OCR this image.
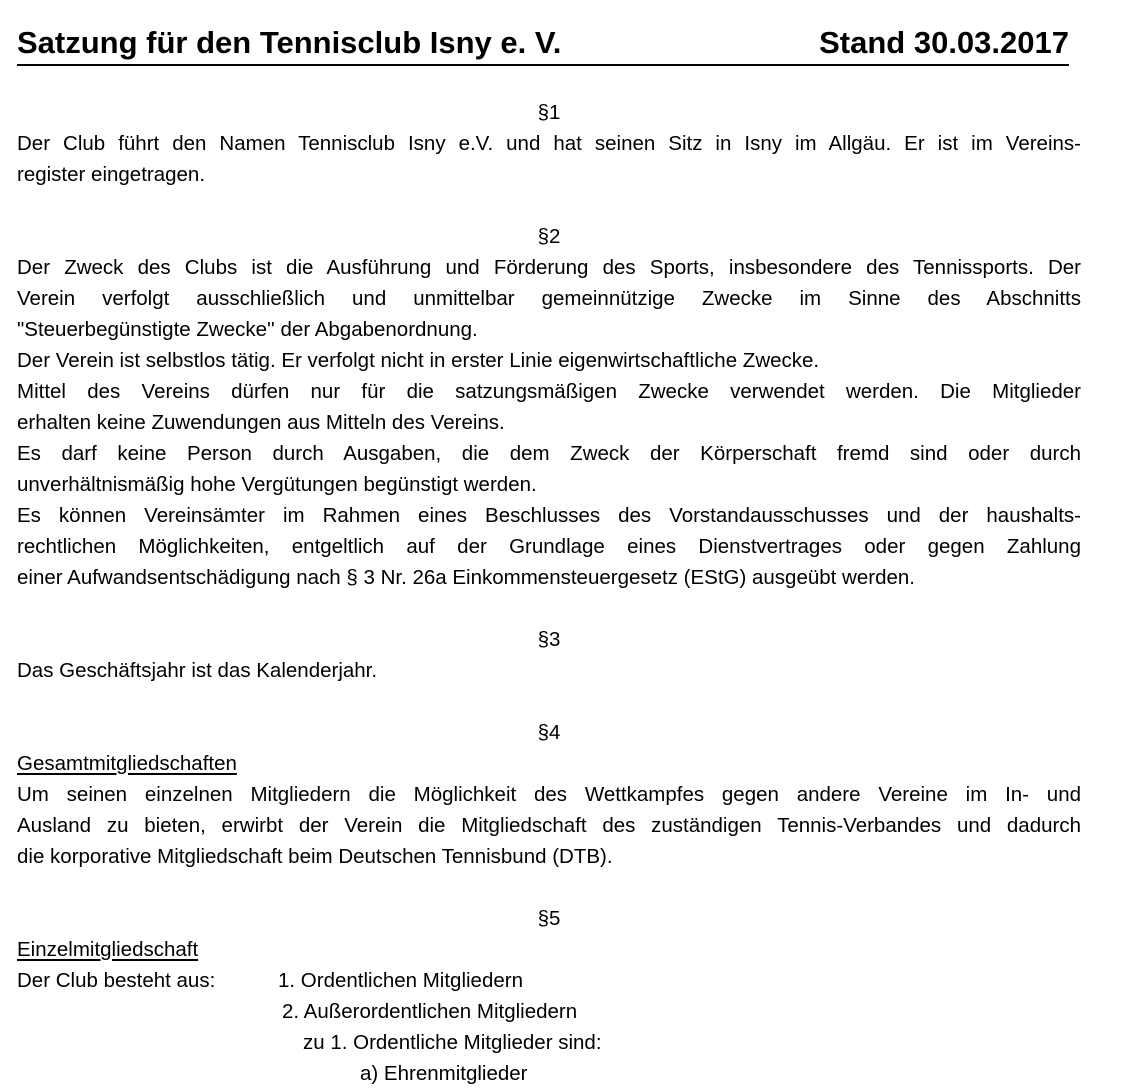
Satzung für den Tennisclub Isny e. V.	Stand 30.03.2017
§1
Der Club führt den Namen Tennisclub Isny e.V. und hat seinen Sitz in Isny im Allgäu. Er ist im Vereins-
register eingetragen.
§2
Der Zweck des Clubs ist die Ausführung und Förderung des Sports, insbesondere des Tennissports. Der
Verein verfolgt ausschließlich und unmittelbar gemeinnützige Zwecke im Sinne des Abschnitts
"Steuerbegünstigte Zwecke'' der Abgabenordnung.
Der Verein ist selbstlos tätig. Er verfolgt nicht in erster Linie eigenwirtschaftliche Zwecke.
Mittel des Vereins dürfen nur für die satzungsmäßigen Zwecke verwendet werden. Die Mitglieder
erhalten keine Zuwendungen aus Mitteln des Vereins.
Es darf keine Person durch Ausgaben, die dem Zweck der Körperschaft fremd sind oder durch
unverhältnismäßig hohe Vergütungen begünstigt werden.
Es können Vereinsämter im Rahmen eines Beschlusses des Vorstandausschusses und der haushalts-
rechtlichen Möglichkeiten, entgeltlich auf der Grundlage eines Dienstvertrages oder gegen Zahlung
einer Aufwandsentschädigung nach § 3 Nr. 26a Einkommensteuergesetz (EStG) ausgeübt werden.
§3
Das Geschäftsjahr ist das Kalenderjahr.
§4
Gesamtmitgliedschaften
Um seinen einzelnen Mitgliedern die Möglichkeit des Wettkampfes gegen andere Vereine im In- und
Ausland zu bieten, erwirbt der Verein die Mitgliedschaft des zuständigen Tennis-Verbandes und dadurch
die korporative Mitgliedschaft beim Deutschen Tennisbund (DTB).
§5
Einzelmitgliedschaft
Der Club besteht aus:	1. Ordentlichen Mitgliedern
2. Außerordentlichen Mitgliedern
zu 1. Ordentliche Mitglieder sind:
a) Ehrenmitglieder
